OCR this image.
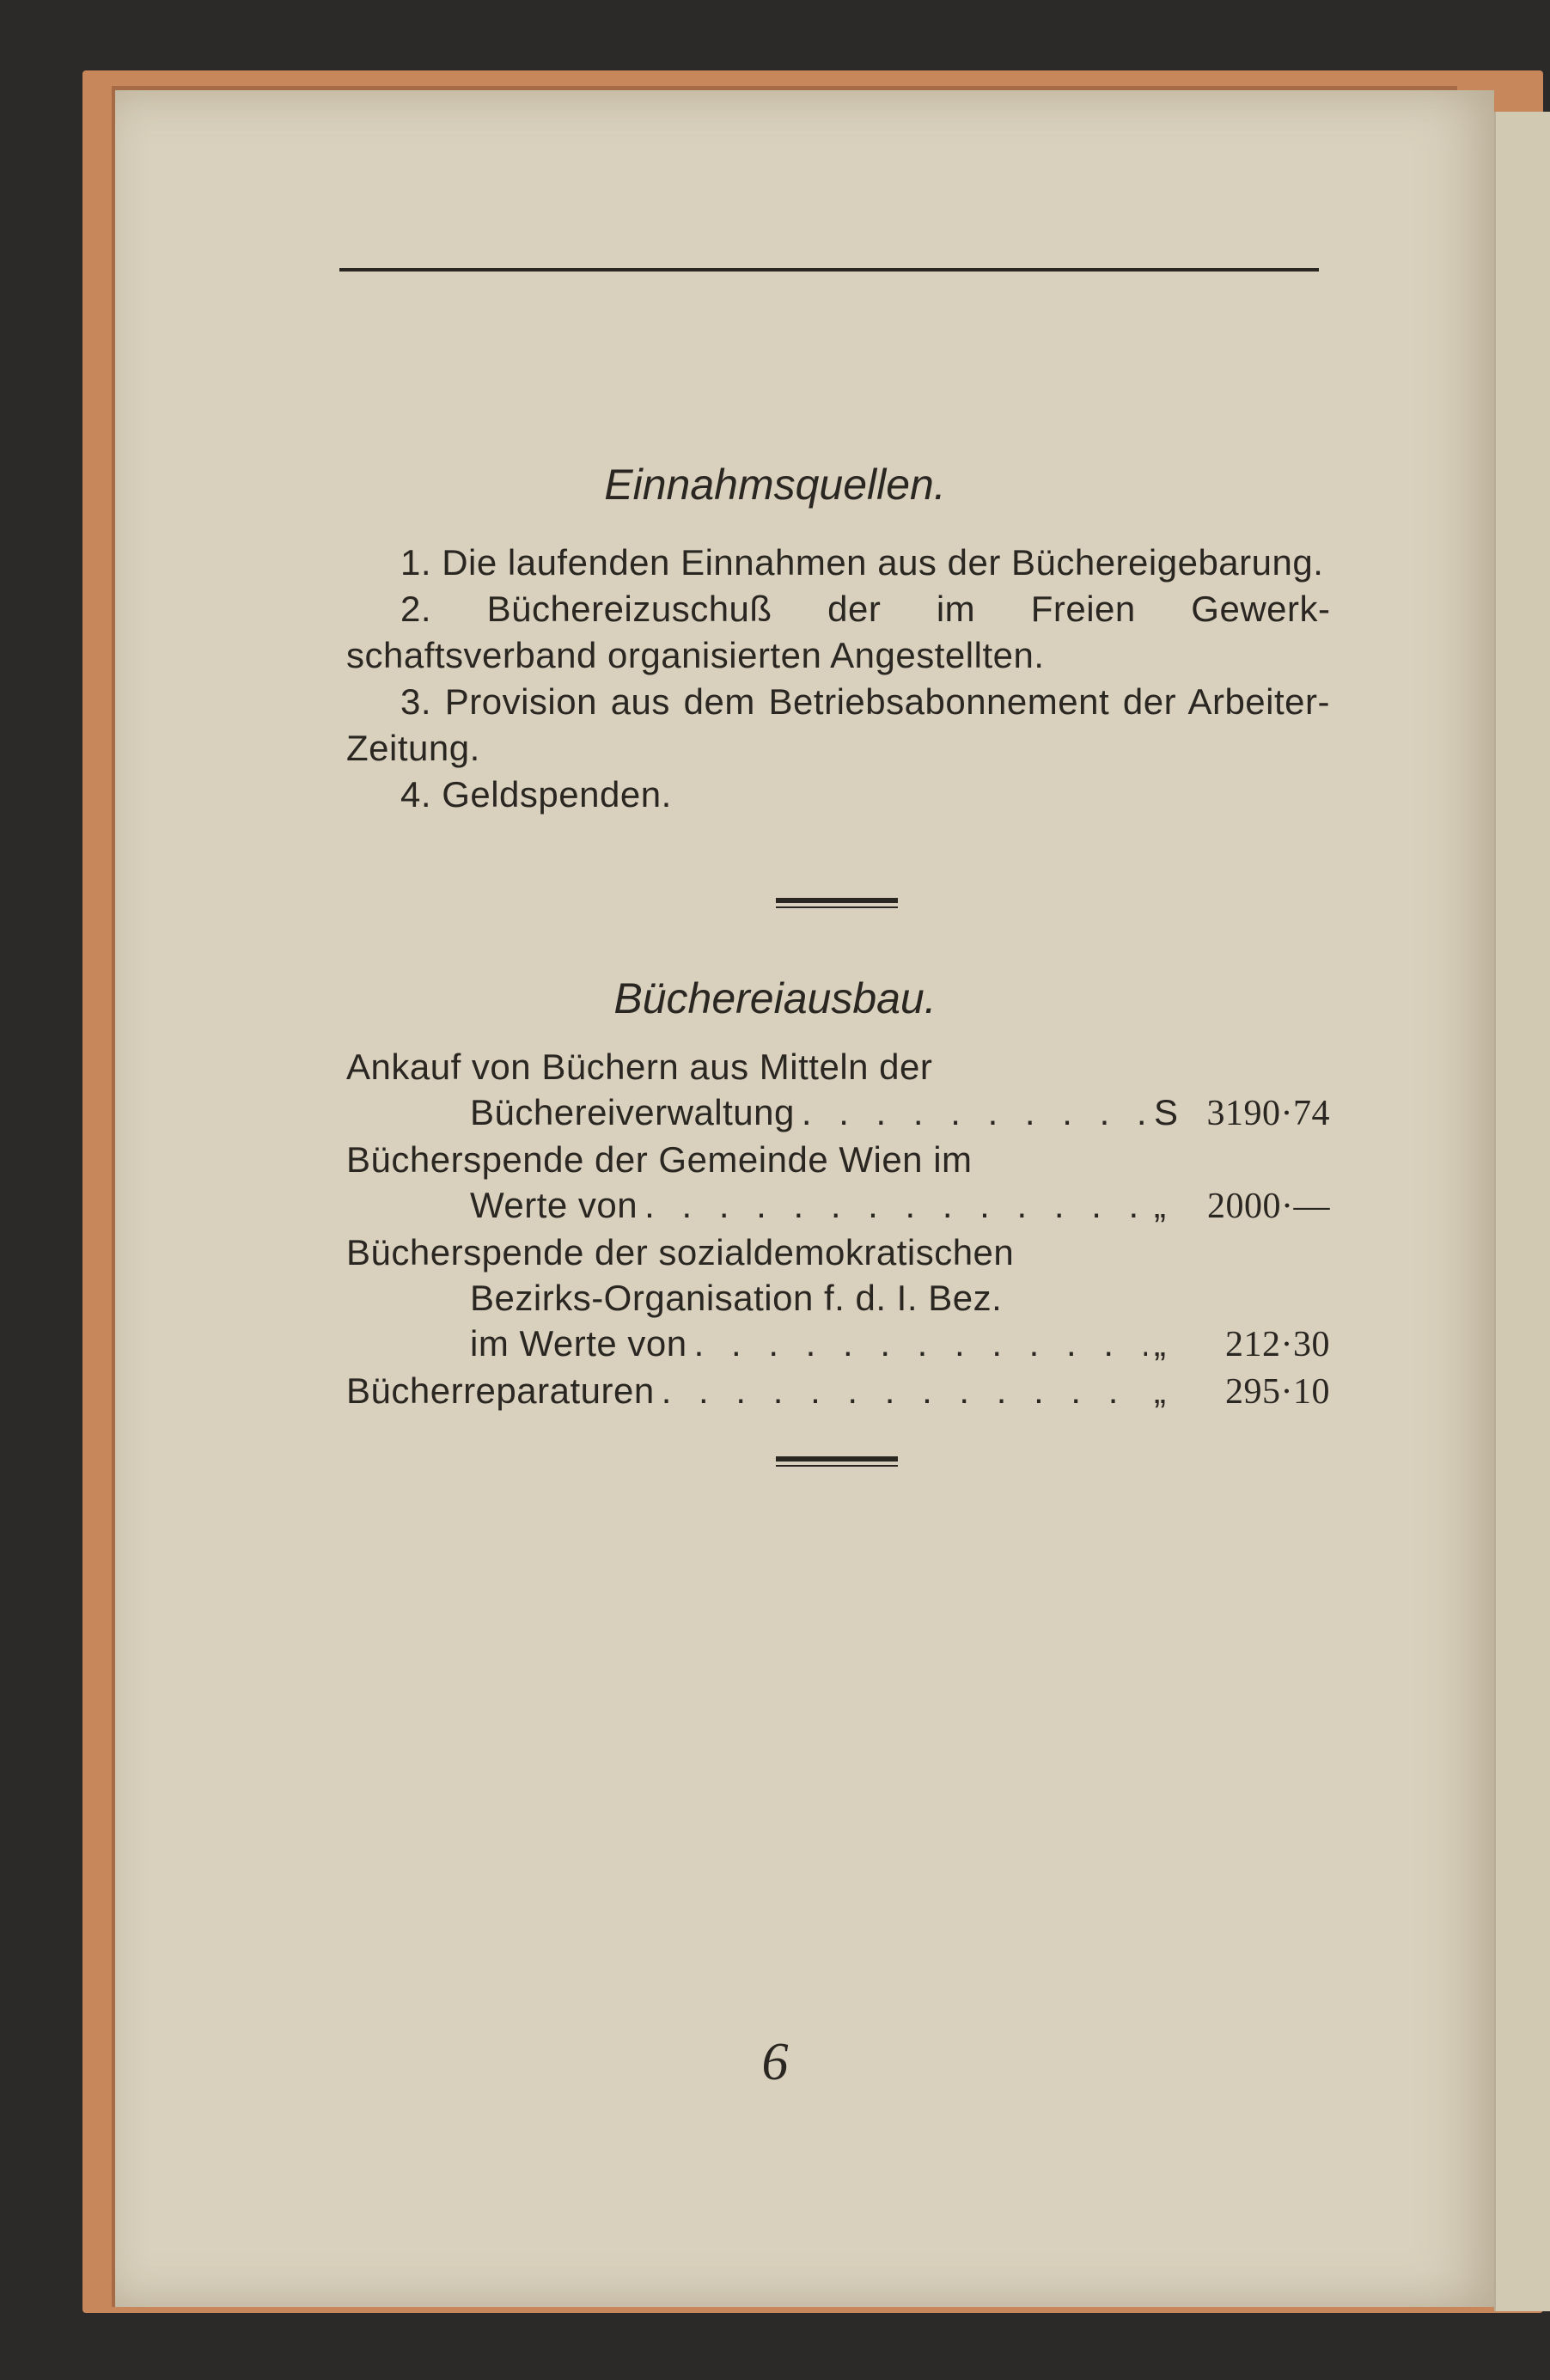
Einnahmsquellen.
1. Die laufenden Einnahmen aus der Büchereigebarung.
2. Büchereizuschuß der im Freien Gewerkschaftsverband organisierten Angestellten.
3. Provision aus dem Betriebsabonnement der Arbeiter-Zeitung.
4. Geldspenden.
Büchereiausbau.
Ankauf von Büchern aus Mitteln der
Büchereiverwaltung . . .	S 3190·74
Bücherspende der Gemeinde Wien im
Werte von . . .	„	2000·—
Bücherspende der sozialdemokratischen
Bezirks-Organisation f. d. I. Bez.
im Werte von . . .	„	212·30
Bücherreparaturen . . .	„	295·10
6
